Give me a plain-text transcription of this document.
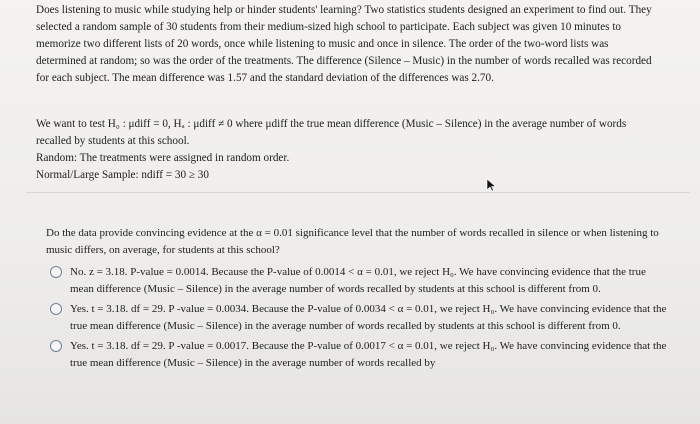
Does listening to music while studying help or hinder students' learning? Two statistics students designed an experiment to find out. They selected a random sample of 30 students from their medium-sized high school to participate. Each subject was given 10 minutes to memorize two different lists of 20 words, once while listening to music and once in silence. The order of the two-word lists was determined at random; so was the order of the treatments. The difference (Silence – Music) in the number of words recalled was recorded for each subject. The mean difference was 1.57 and the standard deviation of the differences was 2.70.

We want to test H₀ : μdiff = 0, Hₐ : μdiff ≠ 0 where μdiff the true mean difference (Music – Silence) in the average number of words recalled by students at this school.

Random: The treatments were assigned in random order.

Normal/Large Sample: ndiff = 30 ≥ 30

Do the data provide convincing evidence at the α = 0.01 significance level that the number of words recalled in silence or when listening to music differs, on average, for students at this school?
No. z = 3.18. P-value = 0.0014. Because the P-value of 0.0014 < α = 0.01, we reject H₀. We have convincing evidence that the true mean difference (Music – Silence) in the average number of words recalled by students at this school is different from 0.
Yes. t = 3.18. df = 29. P -value = 0.0034. Because the P-value of 0.0034 < α = 0.01, we reject H₀. We have convincing evidence that the true mean difference (Music – Silence) in the average number of words recalled by students at this school is different from 0.
Yes. t = 3.18. df = 29. P -value = 0.0017. Because the P-value of 0.0017 < α = 0.01, we reject H₀. We have convincing evidence that the true mean difference (Music – Silence) in the average number of words recalled by
